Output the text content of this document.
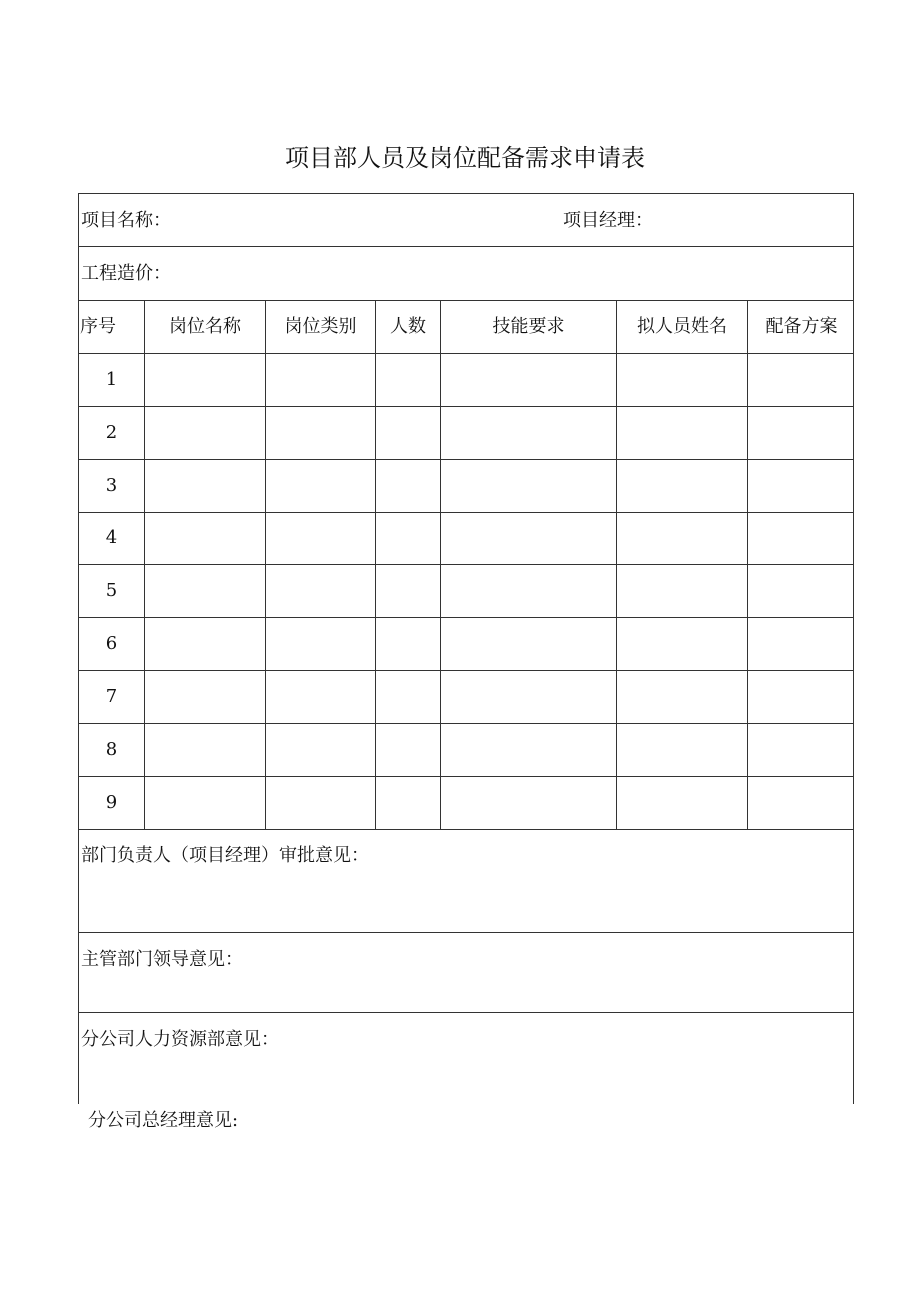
项目部人员及岗位配备需求申请表
项目名称：	项目经理：
工程造价：
序号	岗位名称	岗位类别	人数	技能要求	拟人员姓名	配备方案
1
2
3
4
5
6
7
8
9
部门负责人（项目经理）审批意见：
主管部门领导意见：
分公司人力资源部意见：
分公司总经理意见:
